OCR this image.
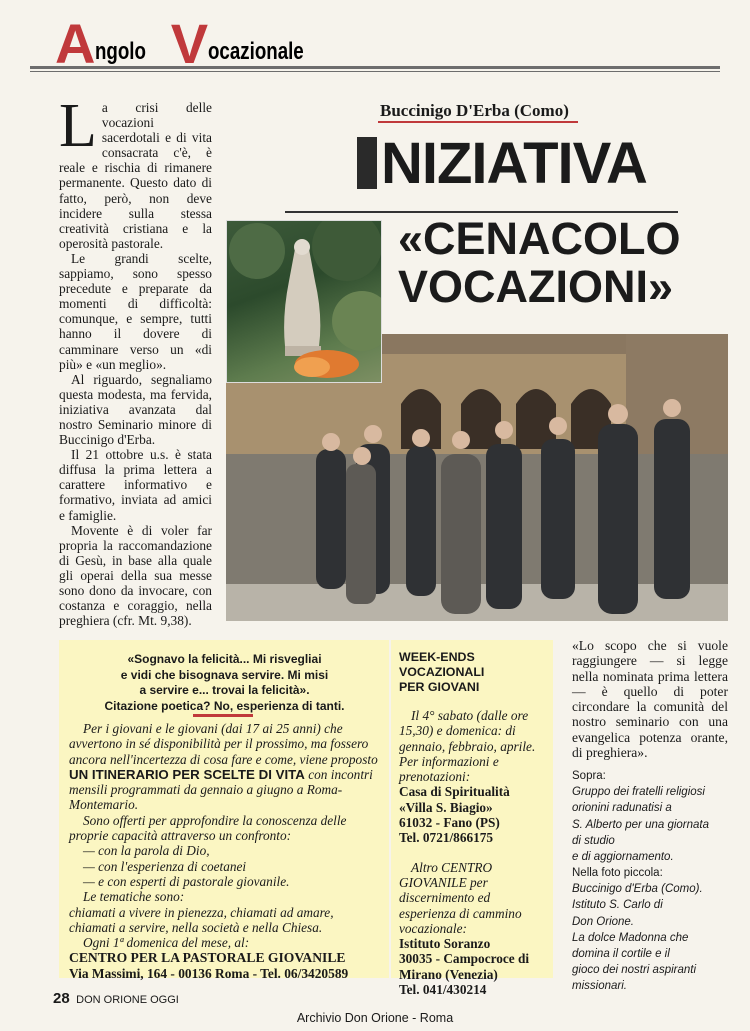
A ngolo V ocazionale

La crisi delle vocazioni sacerdotali e di vita consacrata c'è, è reale e rischia di rimanere permanente. Questo dato di fatto, però, non deve incidere sulla stessa creatività cristiana e la operosità pastorale.

Le grandi scelte, sappiamo, sono spesso precedute e preparate da momenti di difficoltà: comunque, e sempre, tutti hanno il dovere di camminare verso un «di più» e «un meglio».

Al riguardo, segnaliamo questa modesta, ma fervida, iniziativa avanzata dal nostro Seminario minore di Buccinigo d'Erba.

Il 21 ottobre u.s. è stata diffusa la prima lettera a carattere informativo e formativo, inviata ad amici e famiglie.

Movente è di voler far propria la raccomandazione di Gesù, in base alla quale gli operai della sua messe sono dono da invocare, con costanza e coraggio, nella preghiera (cfr. Mt. 9,38).

Buccinigo D'Erba (Como)
NIZIATIVA
«CENACOLO
VOCAZIONI»
«Sognavo la felicità... Mi risvegliai
e vidi che bisognava servire. Mi misi
a servire e... trovai la felicità».
Citazione poetica? No, esperienza di tanti.

Per i giovani e le giovani (dai 17 ai 25 anni) che avvertono in sé disponibilità per il prossimo, ma fossero ancora nell'incertezza di cosa fare e come, viene proposto UN ITINERARIO PER SCELTE DI VITA con incontri mensili programmati da gennaio a giugno a Roma-Montemario.

Sono offerti per approfondire la conoscenza delle proprie capacità attraverso un confronto:

— con la parola di Dio,

— con l'esperienza di coetanei

— e con esperti di pastorale giovanile.

Le tematiche sono:

chiamati a vivere in pienezza, chiamati ad amare, chiamati a servire, nella società e nella Chiesa.

Ogni 1ª domenica del mese, al:

CENTRO PER LA PASTORALE GIOVANILE

Via Massimi, 164 - 00136 Roma - Tel. 06/3420589

WEEK-ENDS
VOCAZIONALI
PER GIOVANI

Il 4° sabato (dalle ore 15,30) e domenica: di gennaio, febbraio, aprile. Per informazioni e prenotazioni:

Casa di Spiritualità

«Villa S. Biagio»

61032 - Fano (PS)

Tel. 0721/866175

Altro CENTRO GIOVANILE per discernimento ed esperienza di cammino vocazionale:

Istituto Soranzo

30035 - Campocroce di

Mirano (Venezia)

Tel. 041/430214

«Lo scopo che si vuole raggiungere — si legge nella nominata prima lettera — è quello di poter circondare la comunità del nostro seminario con una evangelica potenza orante, di preghiera».

Sopra:

Gruppo dei fratelli religiosi

orionini radunatisi a

S. Alberto per una giornata

di studio

e di aggiornamento.

Nella foto piccola:

Buccinigo d'Erba (Como).

Istituto S. Carlo di

Don Orione.

La dolce Madonna che

domina il cortile e il

gioco dei nostri aspiranti

missionari.

28 DON ORIONE OGGI
Archivio Don Orione - Roma
